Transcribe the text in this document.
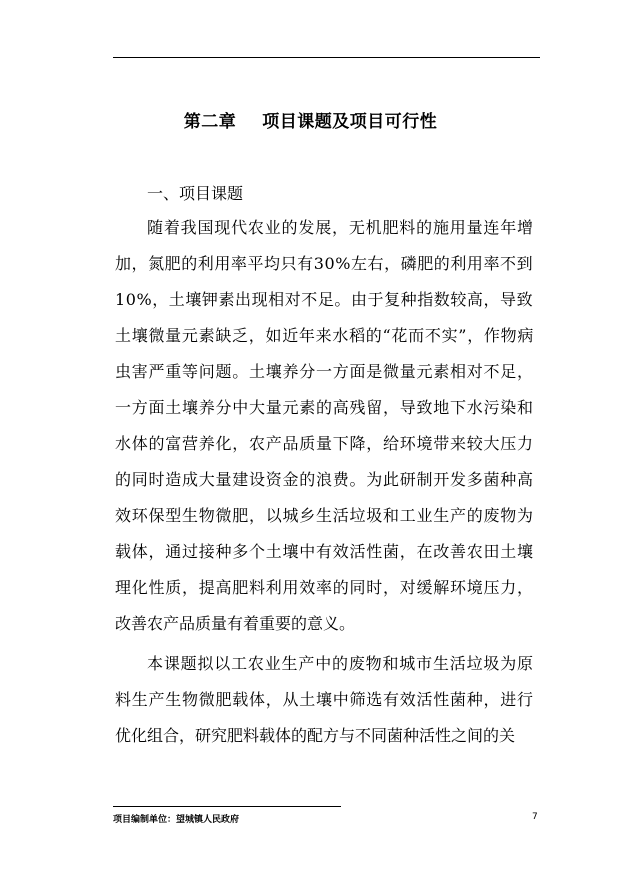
第二章 项目课题及项目可行性
一、项目课题
随着我国现代农业的发展，无机肥料的施用量连年增
加，氮肥的利用率平均只有30%左右，磷肥的利用率不到
10%，土壤钾素出现相对不足。由于复种指数较高，导致
土壤微量元素缺乏，如近年来水稻的“花而不实”，作物病
虫害严重等问题。土壤养分一方面是微量元素相对不足，
一方面土壤养分中大量元素的高残留，导致地下水污染和
水体的富营养化，农产品质量下降，给环境带来较大压力
的同时造成大量建设资金的浪费。为此研制开发多菌种高
效环保型生物微肥，以城乡生活垃圾和工业生产的废物为
载体，通过接种多个土壤中有效活性菌，在改善农田土壤
理化性质，提高肥料利用效率的同时，对缓解环境压力，
改善农产品质量有着重要的意义。
本课题拟以工农业生产中的废物和城市生活垃圾为原
料生产生物微肥载体，从土壤中筛选有效活性菌种，进行
优化组合，研究肥料载体的配方与不同菌种活性之间的关
项目编制单位：望城镇人民政府	7
